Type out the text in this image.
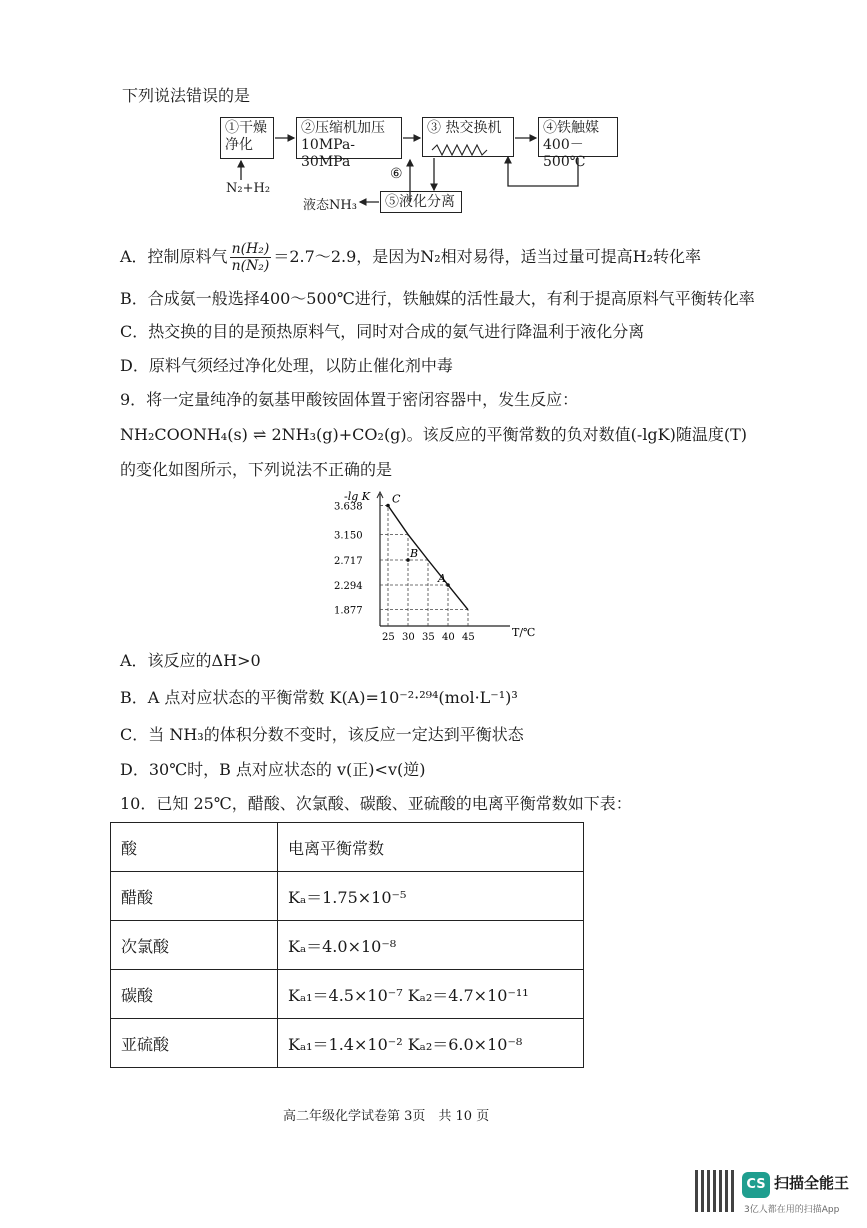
下列说法错误的是
①干燥
净化
②压缩机加压
10MPa-30MPa
③ 热交换机	④铁触媒
400－500℃
⑤液化分离
N₂+H₂
液态NH₃
⑥
A．控制原料气 $\frac{\text{n(H₂)}}{\text{n(N₂)}}$ ＝2.7～2.9，是因为N₂相对易得，适当过量可提高H₂转化率
B．合成氨一般选择400～500℃进行，铁触媒的活性最大，有利于提高原料气平衡转化率
C．热交换的目的是预热原料气，同时对合成的氨气进行降温利于液化分离
D．原料气须经过净化处理，以防止催化剂中毒
9．将一定量纯净的氨基甲酸铵固体置于密闭容器中，发生反应：
NH₂COONH₄(s) ⇌ 2NH₃(g)+CO₂(g)。该反应的平衡常数的负对数值(-lgK)随温度(T)
的变化如图所示，下列说法不正确的是
-lg K
T/℃
3.638
3.150
2.717
2.294
1.877
25 30 35 40 45
C
B
A
A．该反应的ΔH>0
B．A 点对应状态的平衡常数 K(A)=10⁻²·²⁹⁴(mol·L⁻¹)³
C．当 NH₃的体积分数不变时，该反应一定达到平衡状态
D．30℃时，B 点对应状态的 v(正)<v(逆)
10．已知 25℃，醋酸、次氯酸、碳酸、亚硫酸的电离平衡常数如下表：
酸	电离平衡常数
醋酸	Kₐ＝1.75×10⁻⁵
次氯酸	Kₐ＝4.0×10⁻⁸
碳酸	Kₐ₁＝4.5×10⁻⁷ Kₐ₂＝4.7×10⁻¹¹
亚硫酸	Kₐ₁＝1.4×10⁻² Kₐ₂＝6.0×10⁻⁸
高二年级化学试卷第 3页　共 10 页
CS 扫描全能王
3亿人都在用的扫描App
